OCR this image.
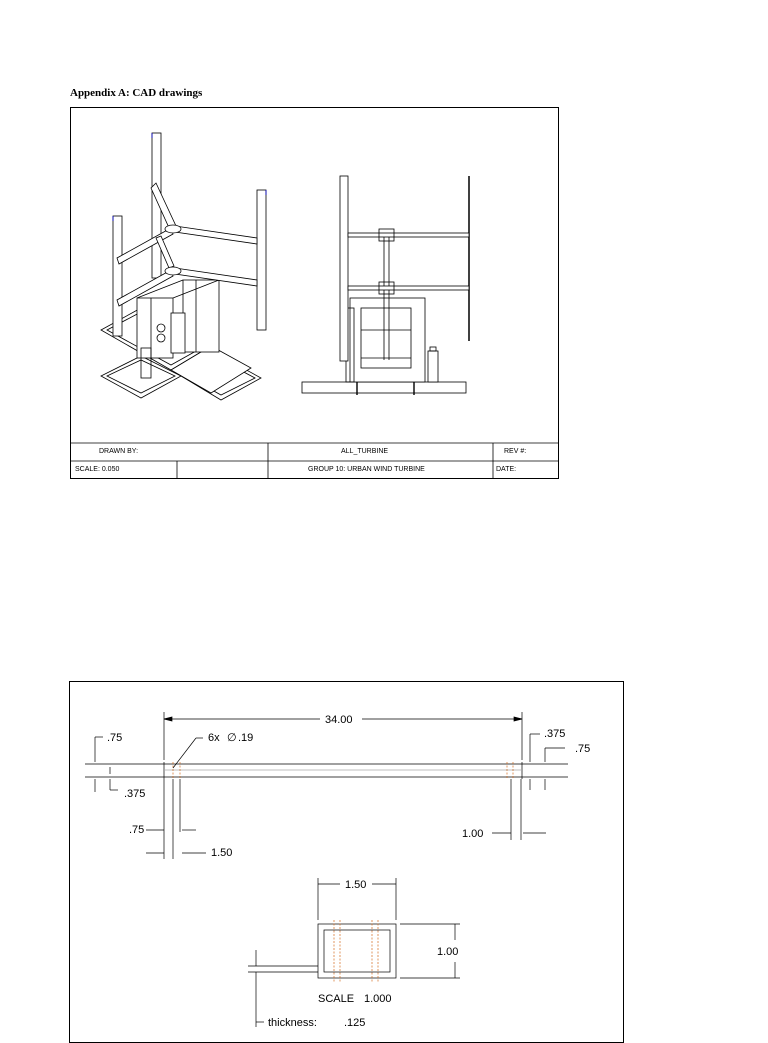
Appendix A: CAD drawings
DRAWN BY:	ALL_TURBINE	REV #:
SCALE: 0.050	GROUP 10: URBAN WIND TURBINE	DATE:
34.00
6x ∅ .19
.75
.375
.375
.75
.75
1.50
1.00
1.50
1.00
SCALE 1.000
thickness: .125
